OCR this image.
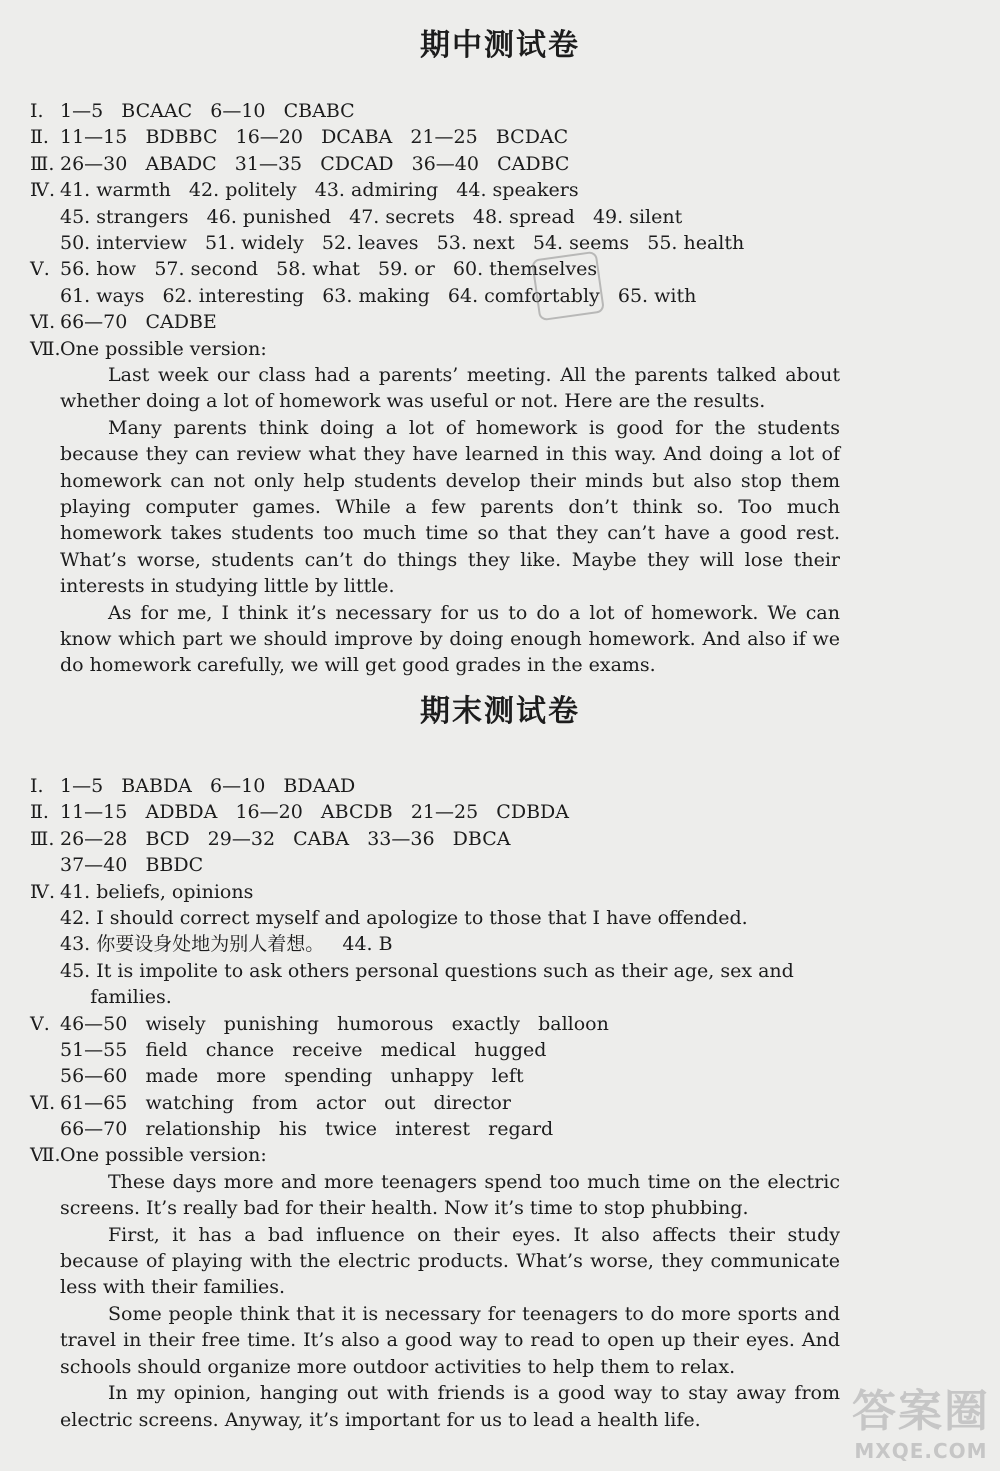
期中测试卷
Ⅰ. 1—5   BCAAC   6—10   CBABC
Ⅱ. 11—15   BDBBC   16—20   DCABA   21—25   BCDAC
Ⅲ. 26—30   ABADC   31—35   CDCAD   36—40   CADBC
Ⅳ. 41. warmth   42. politely   43. admiring   44. speakers
45. strangers   46. punished   47. secrets   48. spread   49. silent
50. interview   51. widely   52. leaves   53. next   54. seems   55. health
Ⅴ. 56. how   57. second   58. what   59. or   60. themselves
61. ways   62. interesting   63. making   64. comfortably   65. with
Ⅵ. 66—70   CADBE
Ⅶ.One possible version:

Last week our class had a parents’ meeting. All the parents talked about whether doing a lot of homework was useful or not. Here are the results.

Many parents think doing a lot of homework is good for the students because they can review what they have learned in this way. And doing a lot of homework can not only help students develop their minds but also stop them playing computer games. While a few parents don’t think so. Too much homework takes students too much time so that they can’t have a good rest. What’s worse, students can’t do things they like. Maybe they will lose their interests in studying little by little.

As for me, I think it’s necessary for us to do a lot of homework. We can know which part we should improve by doing enough homework. And also if we do homework carefully, we will get good grades in the exams.

期末测试卷
Ⅰ. 1—5   BABDA   6—10   BDAAD
Ⅱ. 11—15   ADBDA   16—20   ABCDB   21—25   CDBDA
Ⅲ. 26—28   BCD   29—32   CABA   33—36   DBCA
37—40   BBDC
Ⅳ. 41. beliefs, opinions
42. I should correct myself and apologize to those that I have offended.
43. 你要设身处地为别人着想。   44. B
45. It is impolite to ask others personal questions such as their age, sex and
families.
Ⅴ. 46—50   wisely   punishing   humorous   exactly   balloon
51—55   field   chance   receive   medical   hugged
56—60   made   more   spending   unhappy   left
Ⅵ. 61—65   watching   from   actor   out   director
66—70   relationship   his   twice   interest   regard
Ⅶ.One possible version:

These days more and more teenagers spend too much time on the electric screens. It’s really bad for their health. Now it’s time to stop phubbing.

First, it has a bad influence on their eyes. It also affects their study because of playing with the electric products. What’s worse, they communicate less with their families.

Some people think that it is necessary for teenagers to do more sports and travel in their free time. It’s also a good way to read to open up their eyes. And schools should organize more outdoor activities to help them to relax.

In my opinion, hanging out with friends is a good way to stay away from electric screens. Anyway, it’s important for us to lead a health life.	答案圈
MXQE.COM
